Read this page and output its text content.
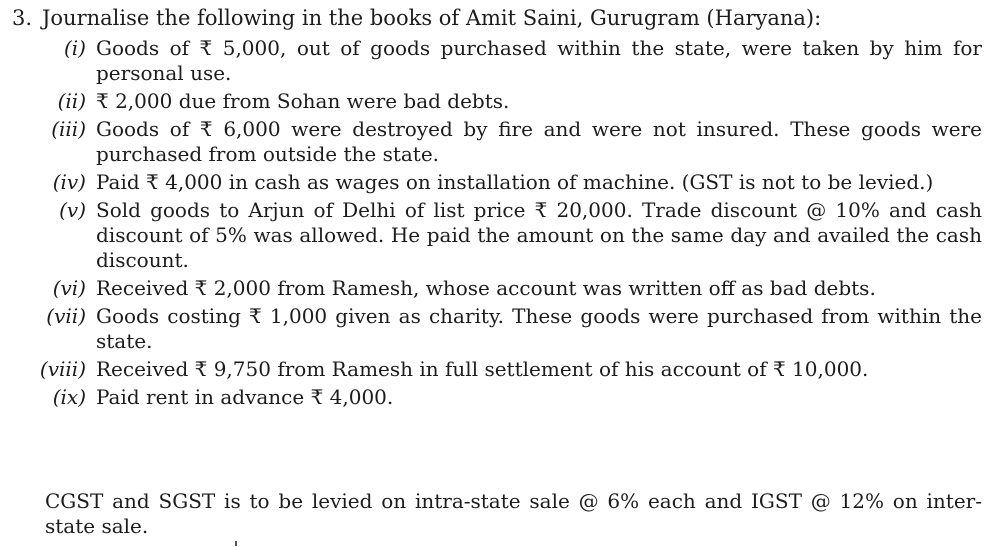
3. Journalise the following in the books of Amit Saini, Gurugram (Haryana):
(i) Goods of ₹ 5,000, out of goods purchased within the state, were taken by him for personal use.
(ii) ₹ 2,000 due from Sohan were bad debts.
(iii) Goods of ₹ 6,000 were destroyed by fire and were not insured. These goods were purchased from outside the state.
(iv) Paid ₹ 4,000 in cash as wages on installation of machine. (GST is not to be levied.)
(v) Sold goods to Arjun of Delhi of list price ₹ 20,000. Trade discount @ 10% and cash discount of 5% was allowed. He paid the amount on the same day and availed the cash discount.
(vi) Received ₹ 2,000 from Ramesh, whose account was written off as bad debts.
(vii) Goods costing ₹ 1,000 given as charity. These goods were purchased from within the state.
(viii) Received ₹ 9,750 from Ramesh in full settlement of his account of ₹ 10,000.
(ix) Paid rent in advance ₹ 4,000.
CGST and SGST is to be levied on intra-state sale @ 6% each and IGST @ 12% on inter-state sale.
